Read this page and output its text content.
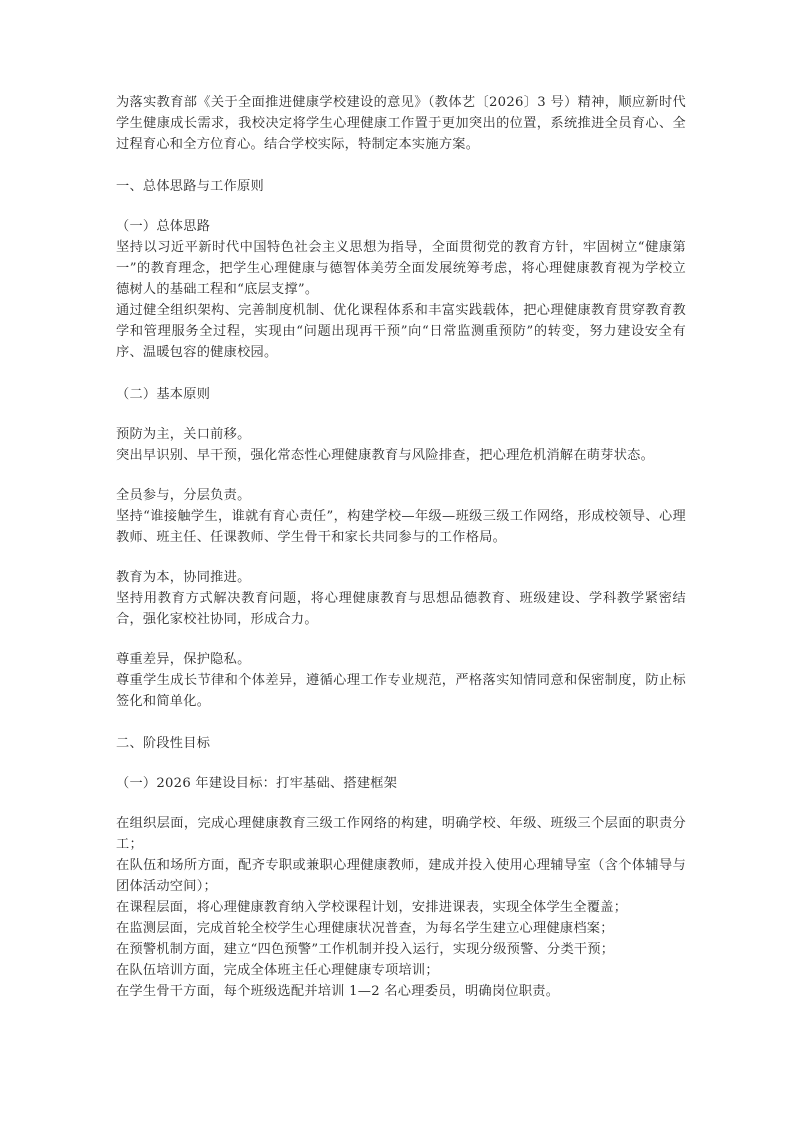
为落实教育部《关于全面推进健康学校建设的意见》（教体艺〔2026〕3 号）精神，顺应新时代学生健康成长需求，我校决定将学生心理健康工作置于更加突出的位置，系统推进全员育心、全过程育心和全方位育心。结合学校实际，特制定本实施方案。

一、总体思路与工作原则

（一）总体思路

坚持以习近平新时代中国特色社会主义思想为指导，全面贯彻党的教育方针，牢固树立“健康第一”的教育理念，把学生心理健康与德智体美劳全面发展统筹考虑，将心理健康教育视为学校立德树人的基础工程和“底层支撑”。

通过健全组织架构、完善制度机制、优化课程体系和丰富实践载体，把心理健康教育贯穿教育教学和管理服务全过程，实现由“问题出现再干预”向“日常监测重预防”的转变，努力建设安全有序、温暖包容的健康校园。

（二）基本原则

预防为主，关口前移。

突出早识别、早干预，强化常态性心理健康教育与风险排查，把心理危机消解在萌芽状态。

全员参与，分层负责。

坚持“谁接触学生，谁就有育心责任”，构建学校—年级—班级三级工作网络，形成校领导、心理教师、班主任、任课教师、学生骨干和家长共同参与的工作格局。

教育为本，协同推进。

坚持用教育方式解决教育问题，将心理健康教育与思想品德教育、班级建设、学科教学紧密结合，强化家校社协同，形成合力。

尊重差异，保护隐私。

尊重学生成长节律和个体差异，遵循心理工作专业规范，严格落实知情同意和保密制度，防止标签化和简单化。

二、阶段性目标

（一）2026 年建设目标：打牢基础、搭建框架

在组织层面，完成心理健康教育三级工作网络的构建，明确学校、年级、班级三个层面的职责分工；

在队伍和场所方面，配齐专职或兼职心理健康教师，建成并投入使用心理辅导室（含个体辅导与团体活动空间）；

在课程层面，将心理健康教育纳入学校课程计划，安排进课表，实现全体学生全覆盖；

在监测层面，完成首轮全校学生心理健康状况普查，为每名学生建立心理健康档案；

在预警机制方面，建立“四色预警”工作机制并投入运行，实现分级预警、分类干预；

在队伍培训方面，完成全体班主任心理健康专项培训；

在学生骨干方面，每个班级选配并培训 1—2 名心理委员，明确岗位职责。
